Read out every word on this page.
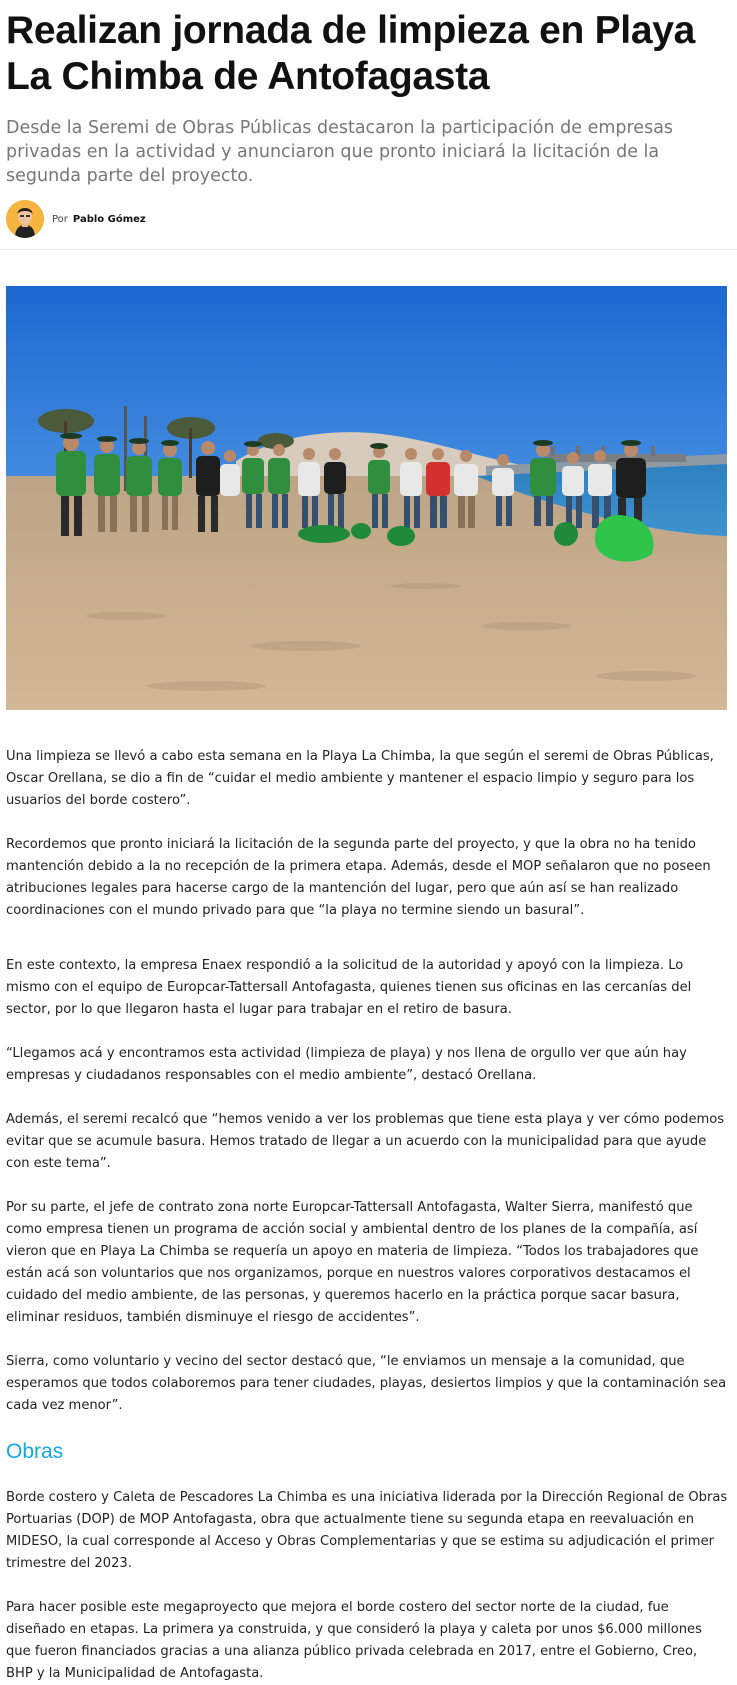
Realizan jornada de limpieza en Playa La Chimba de Antofagasta

Desde la Seremi de Obras Públicas destacaron la participación de empresas privadas en la actividad y anunciaron que pronto iniciará la licitación de la segunda parte del proyecto.

Por Pablo Gómez

Una limpieza se llevó a cabo esta semana en la Playa La Chimba, la que según el seremi de Obras Públicas, Oscar Orellana, se dio a fin de “cuidar el medio ambiente y mantener el espacio limpio y seguro para los usuarios del borde costero”.

Recordemos que pronto iniciará la licitación de la segunda parte del proyecto, y que la obra no ha tenido mantención debido a la no recepción de la primera etapa. Además, desde el MOP señalaron que no poseen atribuciones legales para hacerse cargo de la mantención del lugar, pero que aún así se han realizado coordinaciones con el mundo privado para que “la playa no termine siendo un basural”.

En este contexto, la empresa Enaex respondió a la solicitud de la autoridad y apoyó con la limpieza. Lo mismo con el equipo de Europcar-Tattersall Antofagasta, quienes tienen sus oficinas en las cercanías del sector, por lo que llegaron hasta el lugar para trabajar en el retiro de basura.

“Llegamos acá y encontramos esta actividad (limpieza de playa) y nos llena de orgullo ver que aún hay empresas y ciudadanos responsables con el medio ambiente”, destacó Orellana.

Además, el seremi recalcó que “hemos venido a ver los problemas que tiene esta playa y ver cómo podemos evitar que se acumule basura. Hemos tratado de llegar a un acuerdo con la municipalidad para que ayude con este tema”.

Por su parte, el jefe de contrato zona norte Europcar-Tattersall Antofagasta, Walter Sierra, manifestó que como empresa tienen un programa de acción social y ambiental dentro de los planes de la compañía, así vieron que en Playa La Chimba se requería un apoyo en materia de limpieza. “Todos los trabajadores que están acá son voluntarios que nos organizamos, porque en nuestros valores corporativos destacamos el cuidado del medio ambiente, de las personas, y queremos hacerlo en la práctica porque sacar basura, eliminar residuos, también disminuye el riesgo de accidentes”.

Sierra, como voluntario y vecino del sector destacó que, “le enviamos un mensaje a la comunidad, que esperamos que todos colaboremos para tener ciudades, playas, desiertos limpios y que la contaminación sea cada vez menor”.

Obras

Borde costero y Caleta de Pescadores La Chimba es una iniciativa liderada por la Dirección Regional de Obras Portuarias (DOP) de MOP Antofagasta, obra que actualmente tiene su segunda etapa en reevaluación en MIDESO, la cual corresponde al Acceso y Obras Complementarias y que se estima su adjudicación el primer trimestre del 2023.

Para hacer posible este megaproyecto que mejora el borde costero del sector norte de la ciudad, fue diseñado en etapas. La primera ya construida, y que consideró la playa y caleta por unos $6.000 millones que fueron financiados gracias a una alianza público privada celebrada en 2017, entre el Gobierno, Creo, BHP y la Municipalidad de Antofagasta.
